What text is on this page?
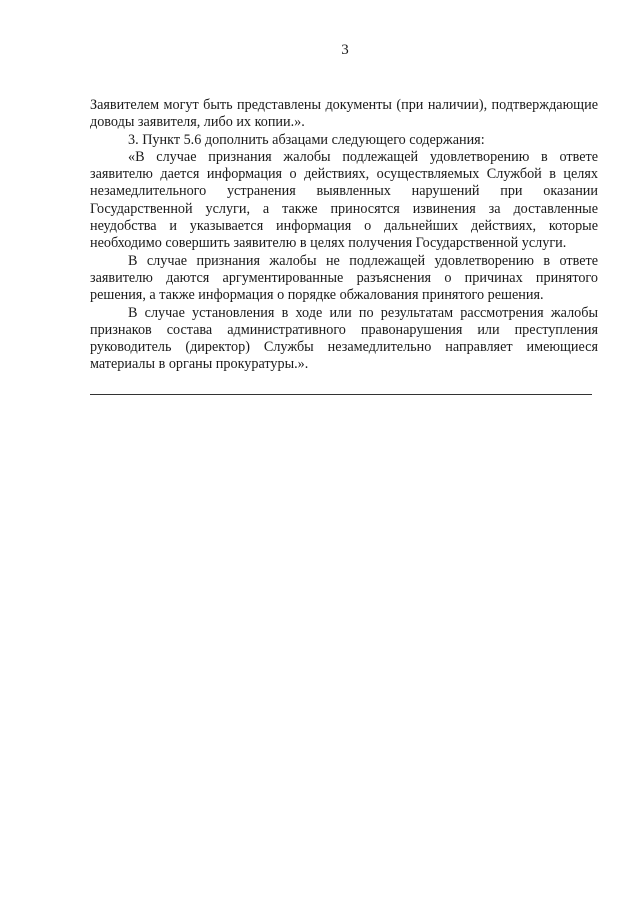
3

Заявителем могут быть представлены документы (при наличии), подтверждающие доводы заявителя, либо их копии.».

3. Пункт 5.6 дополнить абзацами следующего содержания:

«В случае признания жалобы подлежащей удовлетворению в ответе заявителю дается информация о действиях, осуществляемых Службой в целях незамедлительного устранения выявленных нарушений при оказании Государственной услуги, а также приносятся извинения за доставленные неудобства и указывается информация о дальнейших действиях, которые необходимо совершить заявителю в целях получения Государственной услуги.

В случае признания жалобы не подлежащей удовлетворению в ответе заявителю даются аргументированные разъяснения о причинах принятого решения, а также информация о порядке обжалования принятого решения.

В случае установления в ходе или по результатам рассмотрения жалобы признаков состава административного правонарушения или преступления руководитель (директор) Службы незамедлительно направляет имеющиеся материалы в органы прокуратуры.».
